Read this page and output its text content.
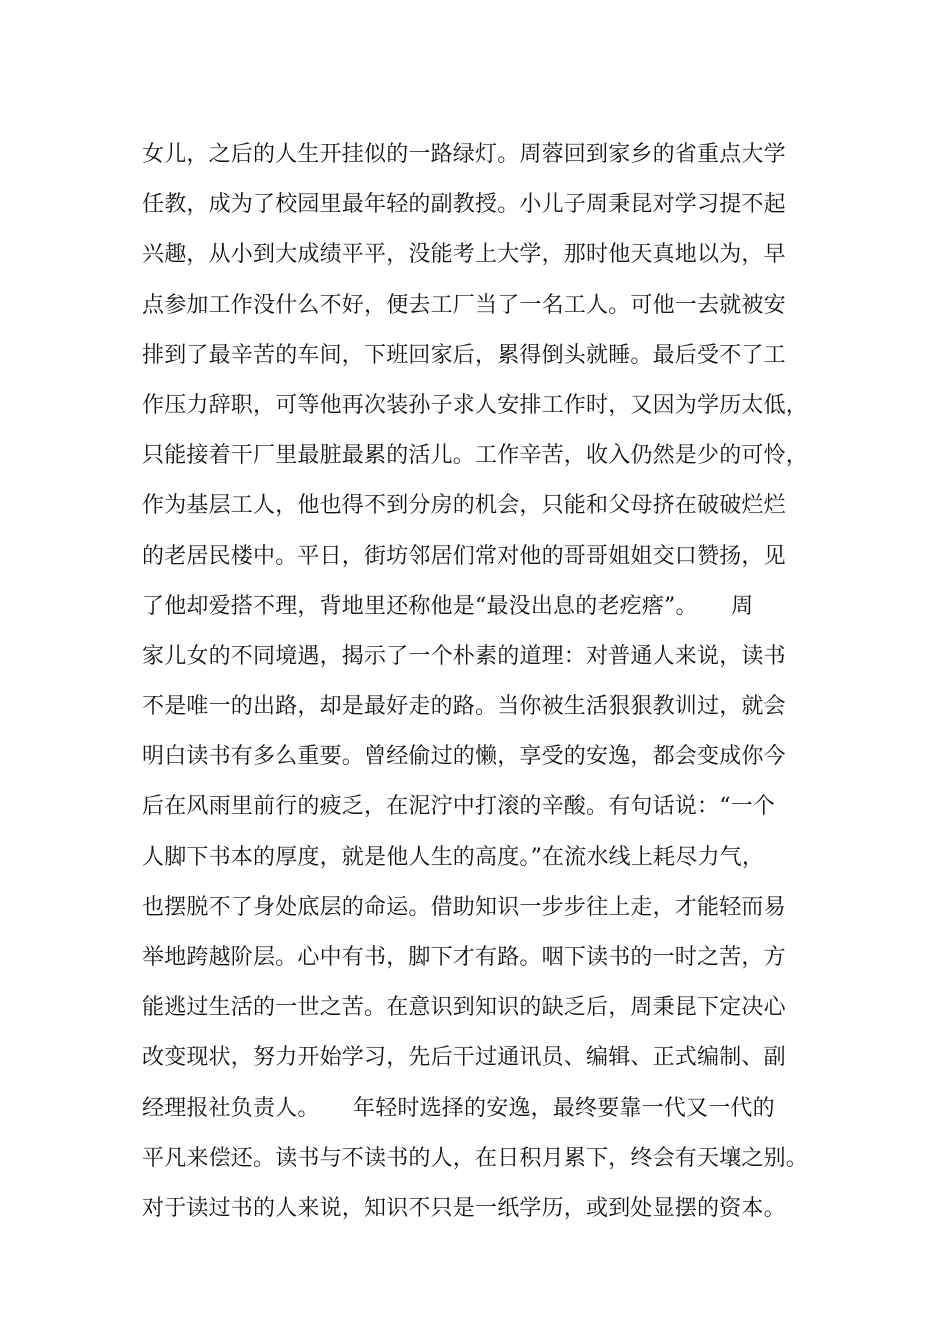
女儿，之后的人生开挂似的一路绿灯。周蓉回到家乡的省重点大学
任教，成为了校园里最年轻的副教授。小儿子周秉昆对学习提不起
兴趣，从小到大成绩平平，没能考上大学，那时他天真地以为，早
点参加工作没什么不好，便去工厂当了一名工人。可他一去就被安
排到了最辛苦的车间，下班回家后，累得倒头就睡。最后受不了工
作压力辞职，可等他再次装孙子求人安排工作时，又因为学历太低，
只能接着干厂里最脏最累的活儿。工作辛苦，收入仍然是少的可怜，
作为基层工人，他也得不到分房的机会，只能和父母挤在破破烂烂
的老居民楼中。平日，街坊邻居们常对他的哥哥姐姐交口赞扬，见
了他却爱搭不理，背地里还称他是“最没出息的老疙瘩”。　　周
家儿女的不同境遇，揭示了一个朴素的道理：对普通人来说，读书
不是唯一的出路，却是最好走的路。当你被生活狠狠教训过，就会
明白读书有多么重要。曾经偷过的懒，享受的安逸，都会变成你今
后在风雨里前行的疲乏，在泥泞中打滚的辛酸。有句话说：“一个
人脚下书本的厚度，就是他人生的高度。”在流水线上耗尽力气，
也摆脱不了身处底层的命运。借助知识一步步往上走，才能轻而易
举地跨越阶层。心中有书，脚下才有路。咽下读书的一时之苦，方
能逃过生活的一世之苦。在意识到知识的缺乏后，周秉昆下定决心
改变现状，努力开始学习，先后干过通讯员、编辑、正式编制、副
经理报社负责人。　　年轻时选择的安逸，最终要靠一代又一代的
平凡来偿还。读书与不读书的人，在日积月累下，终会有天壤之别。
对于读过书的人来说，知识不只是一纸学历，或到处显摆的资本。
